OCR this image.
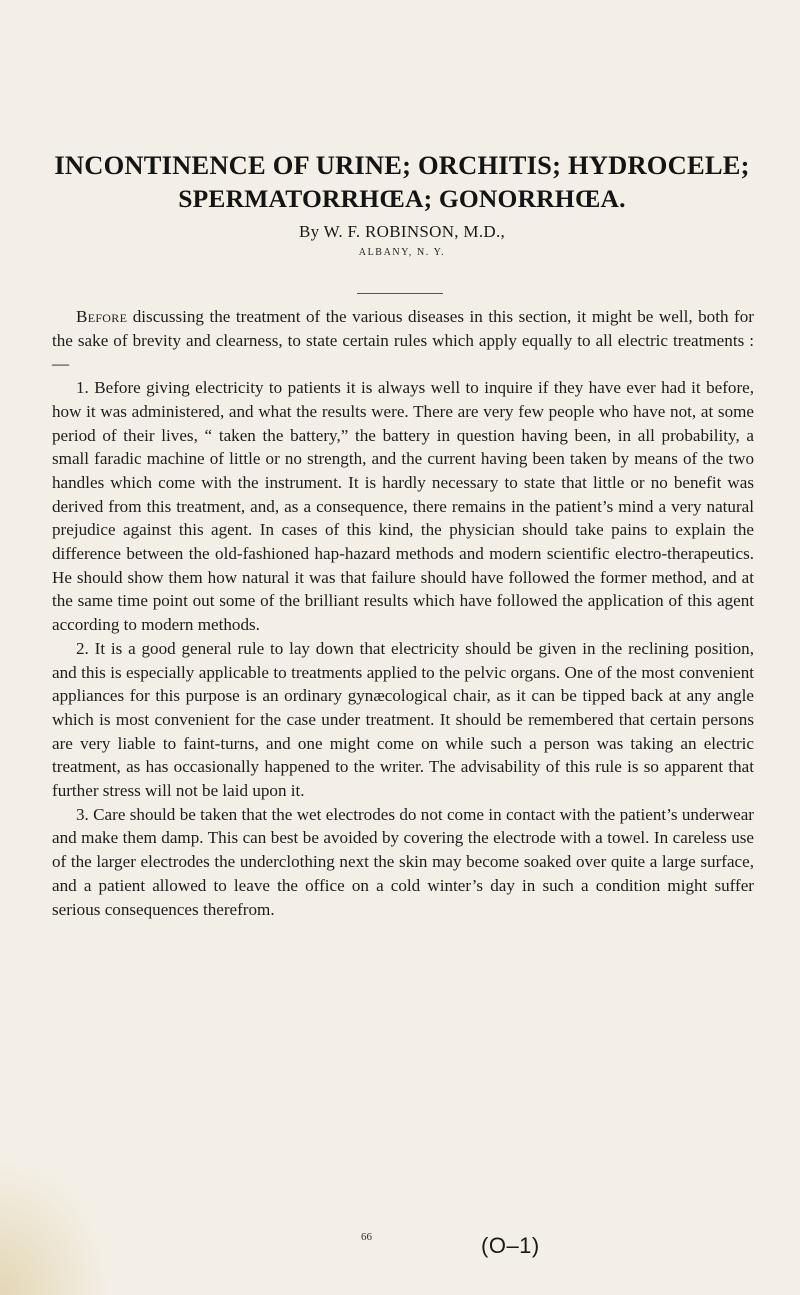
INCONTINENCE OF URINE; ORCHITIS; HYDROCELE;
SPERMATORRHŒA; GONORRHŒA.
By W. F. ROBINSON, M.D.,
ALBANY, N. Y.

Before discussing the treatment of the various diseases in this section, it might be well, both for the sake of brevity and clearness, to state certain rules which apply equally to all electric treatments :—

1. Before giving electricity to patients it is always well to inquire if they have ever had it before, how it was administered, and what the results were. There are very few people who have not, at some period of their lives, “ taken the battery,” the battery in question having been, in all probability, a small faradic machine of little or no strength, and the current having been taken by means of the two handles which come with the instrument. It is hardly necessary to state that little or no benefit was derived from this treatment, and, as a consequence, there remains in the patient’s mind a very natural prejudice against this agent. In cases of this kind, the physician should take pains to explain the difference between the old-fashioned hap-hazard methods and modern scientific electro-therapeutics. He should show them how natural it was that failure should have followed the former method, and at the same time point out some of the brilliant results which have followed the application of this agent according to modern methods.

2. It is a good general rule to lay down that electricity should be given in the reclining position, and this is especially applicable to treatments applied to the pelvic organs. One of the most convenient appliances for this purpose is an ordinary gynæcological chair, as it can be tipped back at any angle which is most convenient for the case under treatment. It should be remembered that certain persons are very liable to faint-turns, and one might come on while such a person was taking an electric treatment, as has occasionally happened to the writer. The advisability of this rule is so apparent that further stress will not be laid upon it.

3. Care should be taken that the wet electrodes do not come in contact with the patient’s underwear and make them damp. This can best be avoided by covering the electrode with a towel. In careless use of the larger electrodes the underclothing next the skin may become soaked over quite a large surface, and a patient allowed to leave the office on a cold winter’s day in such a condition might suffer serious consequences therefrom.

66	(O–1)
